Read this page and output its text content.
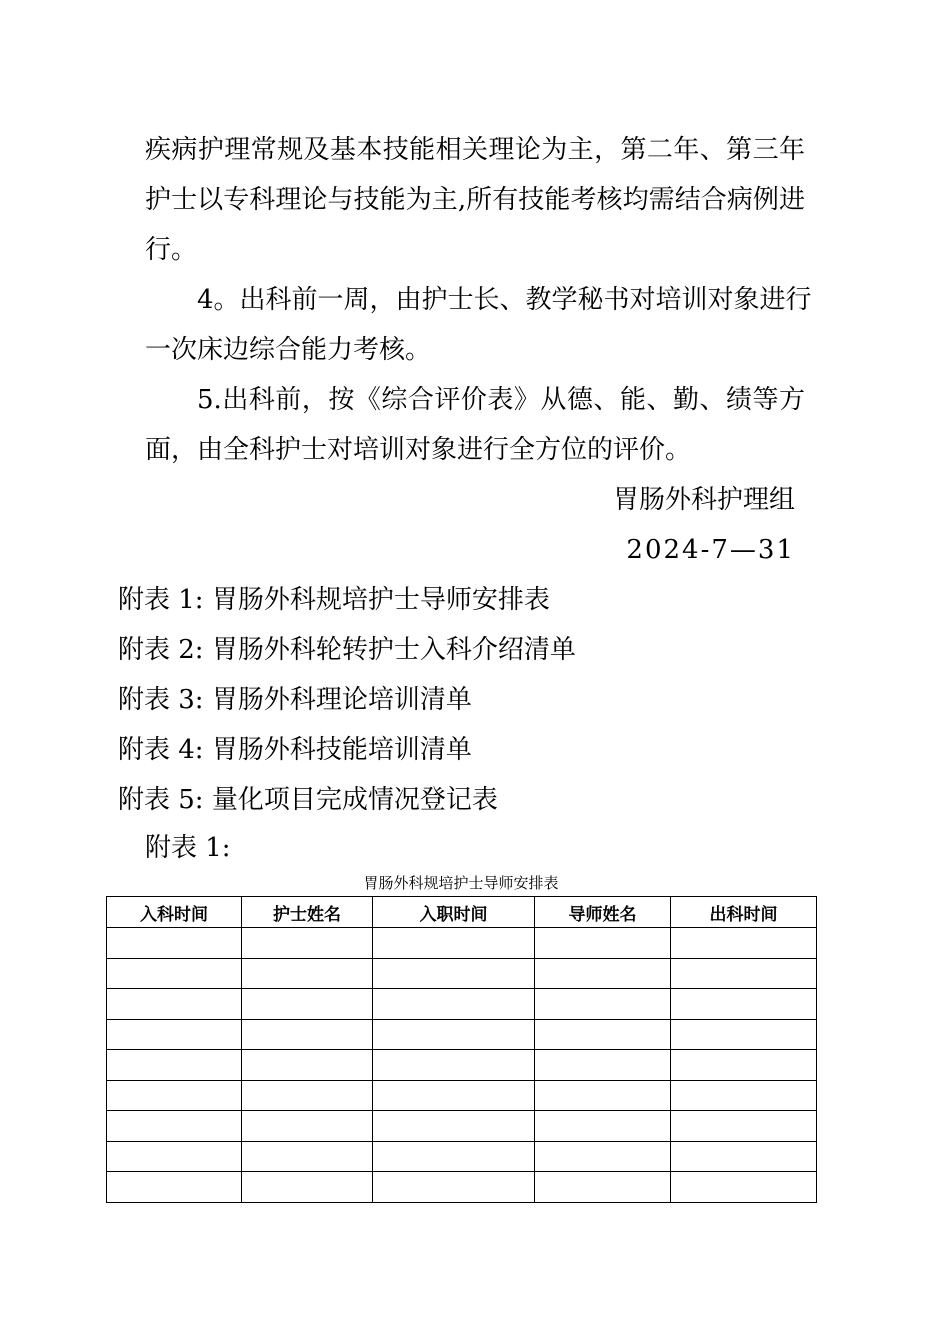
疾病护理常规及基本技能相关理论为主，第二年、第三年
护士以专科理论与技能为主,所有技能考核均需结合病例进
行。
4。出科前一周，由护士长、教学秘书对培训对象进行
一次床边综合能力考核。
5.出科前，按《综合评价表》从德、能、勤、绩等方
面，由全科护士对培训对象进行全方位的评价。
胃肠外科护理组
2024-7—31
附表 1: 胃肠外科规培护士导师安排表
附表 2: 胃肠外科轮转护士入科介绍清单
附表 3: 胃肠外科理论培训清单
附表 4: 胃肠外科技能培训清单
附表 5: 量化项目完成情况登记表
附表 1:
胃肠外科规培护士导师安排表
入科时间	护士姓名	入职时间	导师姓名	出科时间
